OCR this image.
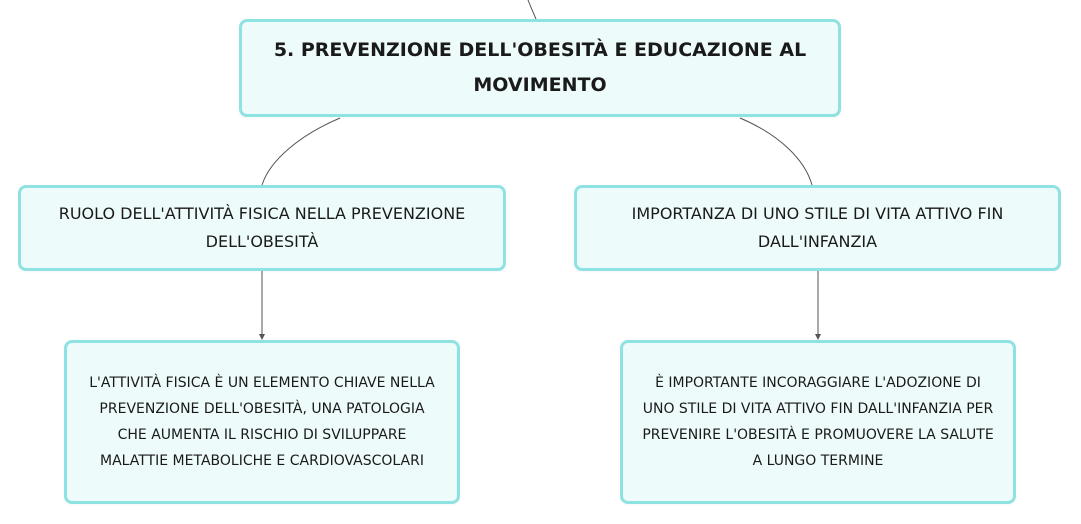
5. PREVENZIONE DELL'OBESITÀ E EDUCAZIONE AL MOVIMENTO
RUOLO DELL'ATTIVITÀ FISICA NELLA PREVENZIONE DELL'OBESITÀ
IMPORTANZA DI UNO STILE DI VITA ATTIVO FIN DALL'INFANZIA
L'ATTIVITÀ FISICA È UN ELEMENTO CHIAVE NELLA PREVENZIONE DELL'OBESITÀ, UNA PATOLOGIA CHE AUMENTA IL RISCHIO DI SVILUPPARE MALATTIE METABOLICHE E CARDIOVASCOLARI
È IMPORTANTE INCORAGGIARE L'ADOZIONE DI UNO STILE DI VITA ATTIVO FIN DALL'INFANZIA PER PREVENIRE L'OBESITÀ E PROMUOVERE LA SALUTE A LUNGO TERMINE
